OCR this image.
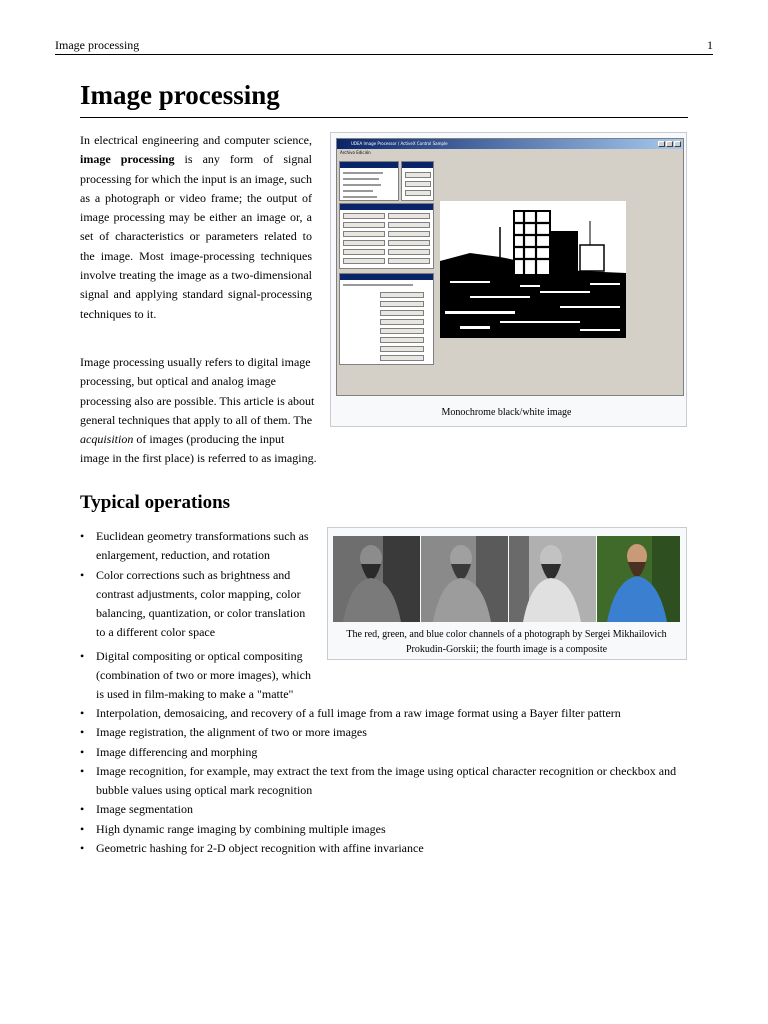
Image processing	1
Image processing

In electrical engineering and computer science, image processing is any form of signal processing for which the input is an image, such as a photograph or video frame; the output of image processing may be either an image or, a set of characteristics or parameters related to the image. Most image-processing techniques involve treating the image as a two-dimensional signal and applying standard signal-processing techniques to it.

Image processing usually refers to digital image processing, but optical and analog image processing also are possible. This article is about general techniques that apply to all of them. The acquisition of images (producing the input image in the first place) is referred to as imaging.

UDEA Image Processor / ActiveX Control Sample
Archivo Edición
Monochrome black/white image
Typical operations
The red, green, and blue color channels of a photograph by Sergei Mikhailovich Prokudin-Gorskii; the fourth image is a composite
• Euclidean geometry transformations such as enlargement, reduction, and rotation
• Color corrections such as brightness and contrast adjustments, color mapping, color balancing, quantization, or color translation to a different color space
• Digital compositing or optical compositing (combination of two or more images), which is used in film-making to make a "matte"
• Interpolation, demosaicing, and recovery of a full image from a raw image format using a Bayer filter pattern
• Image registration, the alignment of two or more images
• Image differencing and morphing
• Image recognition, for example, may extract the text from the image using optical character recognition or checkbox and bubble values using optical mark recognition
• Image segmentation
• High dynamic range imaging by combining multiple images
• Geometric hashing for 2-D object recognition with affine invariance
